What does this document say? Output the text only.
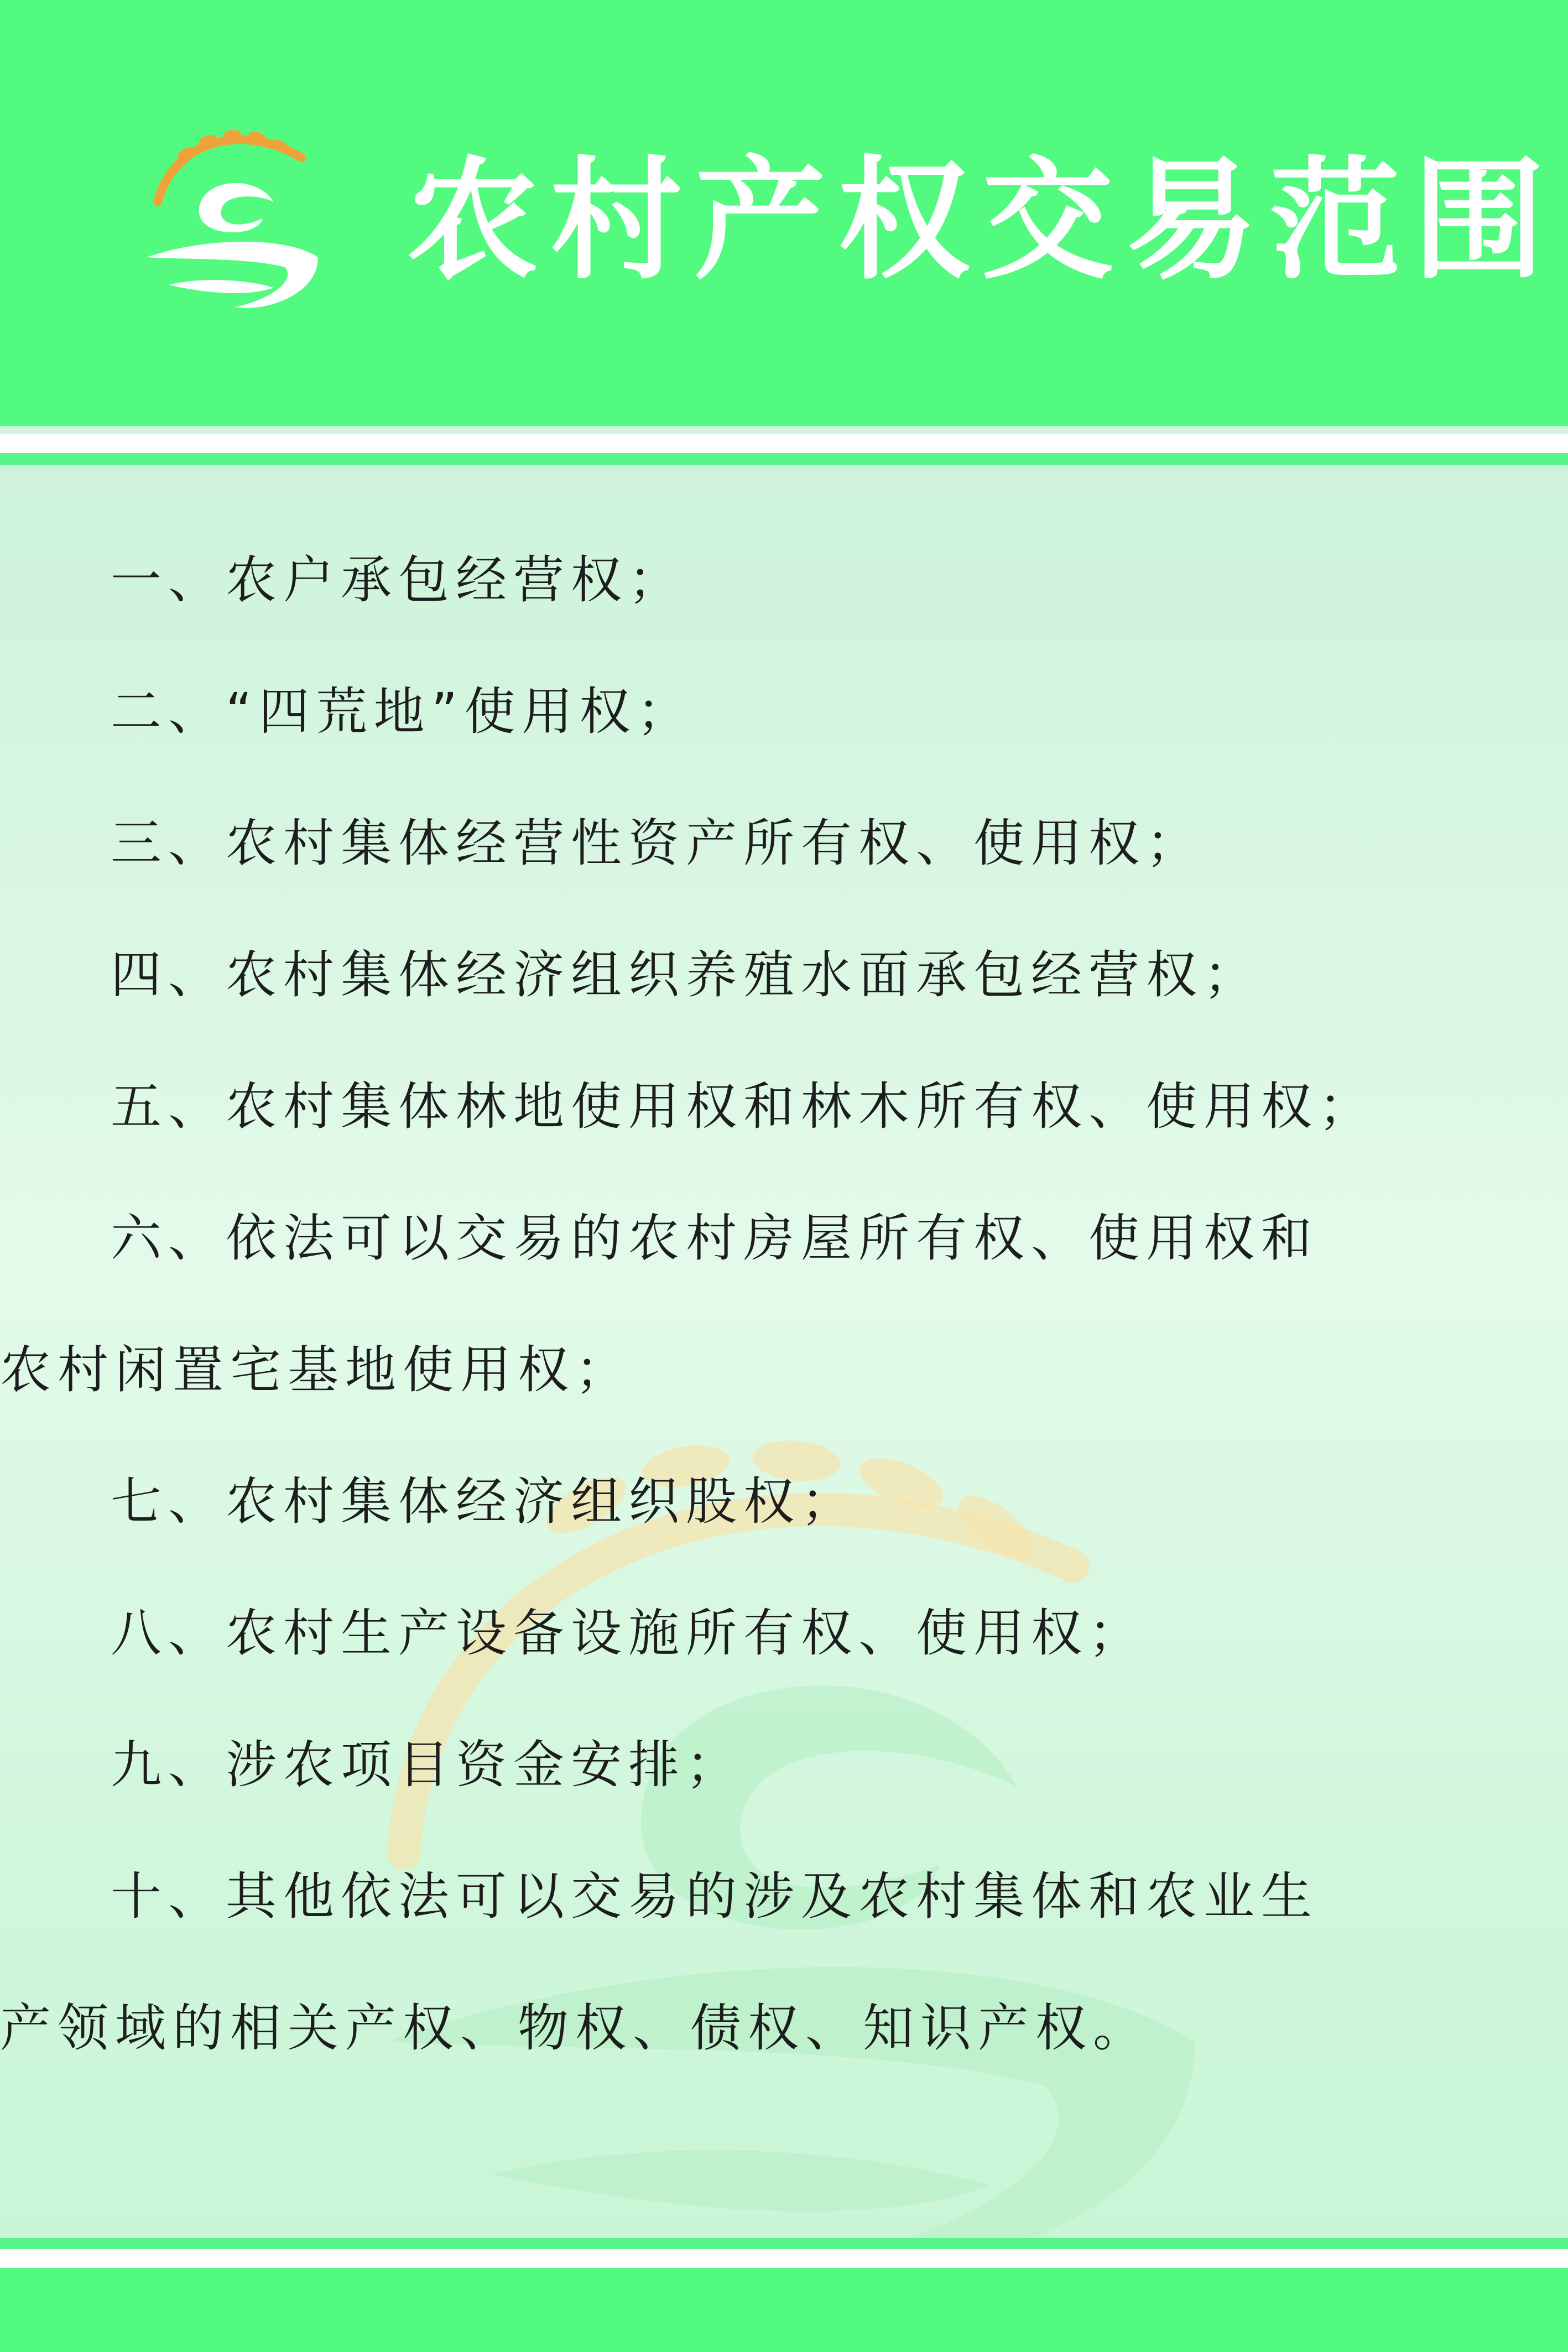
农村产权交易范围
一、农户承包经营权；
二、“四荒地”使用权；
三、农村集体经营性资产所有权、使用权；
四、农村集体经济组织养殖水面承包经营权；
五、农村集体林地使用权和林木所有权、使用权；
六、依法可以交易的农村房屋所有权、使用权和
农村闲置宅基地使用权；
七、农村集体经济组织股权；
八、农村生产设备设施所有权、使用权；
九、涉农项目资金安排；
十、其他依法可以交易的涉及农村集体和农业生
产领域的相关产权、物权、债权、知识产权。
